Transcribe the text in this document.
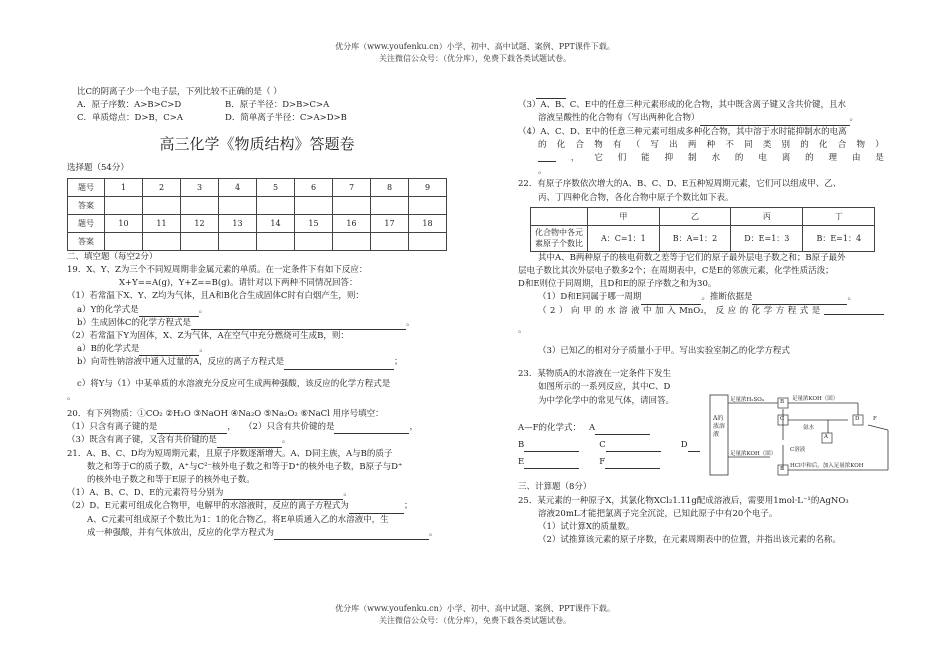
优分库（www.youfenku.cn）小学、初中、高中试题、案例、PPT课件下载。
关注微信公众号：（优分库），免费下载各类试题试卷。
比C的阴离子少一个电子层，下列比较不正确的是（ ）
A．原子序数：A>B>C>D	B．原子半径：D>B>C>A
C．单质熔点：D>B，C>A	D．简单离子半径：C>A>D>B
高三化学《物质结构》答题卷
选择题（54分）
题号	1	2	3	4	5	6	7	8	9
答案									
题号	10	11	12	13	14	15	16	17	18
答案									
二、填空题（每空2分）
19．X、Y、Z为三个不同短周期非金属元素的单质。在一定条件下有如下反应：
X+Y==A(g)，Y+Z==B(g)。请针对以下两种不同情况回答：
（1）若常温下X、Y、Z均为气体，且A和B化合生成固体C时有白烟产生，则：
a）Y的化学式是	。
b）生成固体C的化学方程式是	。
（2）若常温下Y为固体，X、Z为气体，A在空气中充分燃烧可生成B，则：
a）B的化学式是	。
b）向苛性钠溶液中通入过量的A，反应的离子方程式是	；
c）将Y与（1）中某单质的水溶液充分反应可生成两种强酸，该反应的化学方程式是
。
20．有下列物质：①CO₂ ②H₂O ③NaOH ④Na₂O ⑤Na₂O₂ ⑥NaCl 用序号填空：
（1）只含有离子键的是	，   （2）只含有共价键的是	，
（3）既含有离子键，又含有共价键的是	。
21．A、B、C、D均为短周期元素，且原子序数逐渐增大。A、D同主族，A与B的质子
数之和等于C的质子数，A⁺与C²⁻核外电子数之和等于D⁺的核外电子数，B原子与D⁺
的核外电子数之和等于E原子的核外电子数。
（1）A、B、C、D、E的元素符号分别为	。
（2）D、E元素可组成化合物甲，电解甲的水溶液时，反应的离子方程式为	；
A、C元素可组成原子个数比为1：1的化合物乙，将E单质通入乙的水溶液中，生
成一种强酸，并有气体放出，反应的化学方程式为	。
（3）A、B、C、E中的任意三种元素形成的化合物，其中既含离子键又含共价键，且水
溶液呈酸性的化合物有（写出两种化合物）	。
（4）A、C、D、E中的任意三种元素可组成多种化合物，其中溶于水时能抑制水的电离
的 化 合 物 有 （ 写 出 两 种 不 同 类 别 的 化 合 物 ）
， 它 们 能 抑 制 水 的 电 离 的 理 由 是
。
22．有原子序数依次增大的A、B、C、D、E五种短周期元素，它们可以组成甲、乙、
丙、丁四种化合物，各化合物中原子个数比如下表。
	甲	乙	丙	丁

化合物中各元
素原子个数比	A：C=1：1	B：A=1：2	D：E=1：3	B：E=1：4
其中A、B两种原子的核电荷数之差等于它们的原子最外层电子数之和；B原子最外
层电子数比其次外层电子数多2个；在周期表中，C是E的邻族元素，化学性质活泼；
D和E则位于同周期，且D和E的原子序数之和为30。
（1）D和E同属于哪一周期	。推断依据是	。
（ 2 ） 向 甲 的 水 溶 液 中 加 入 MnO₂， 反 应 的 化 学 方 程 式 是
。
（3）已知乙的相对分子质量小于甲。写出实验室制乙的化学方程式
23．某物质A的水溶液在一定条件下发生
如图所示的一系列反应，其中C、D
为中学化学中的常见气体，请回答。
A—F的化学式： A
B	C	D
E	F
三、计算题（8分）
25．某元素的一种原子X，其氯化物XCl₂1.11g配成溶液后，需要用1mol·L⁻¹的AgNO₃
溶液20mL才能把氯离子完全沉淀，已知此原子中有20个电子。
（1）试计算X的质量数。
（2）试推算该元素的原子序数，在元素周期表中的位置，并指出该元素的名称。
A的浓溶液
足量浓H₂SO₄	足量浓KOH（固）
氨水
C溶液
足量浓KOH（固）
HCl中和后，加入足量浓KOH
B
C
A
D
E
F
优分库（www.youfenku.cn）小学、初中、高中试题、案例、PPT课件下载。
关注微信公众号：（优分库），免费下载各类试题试卷。
